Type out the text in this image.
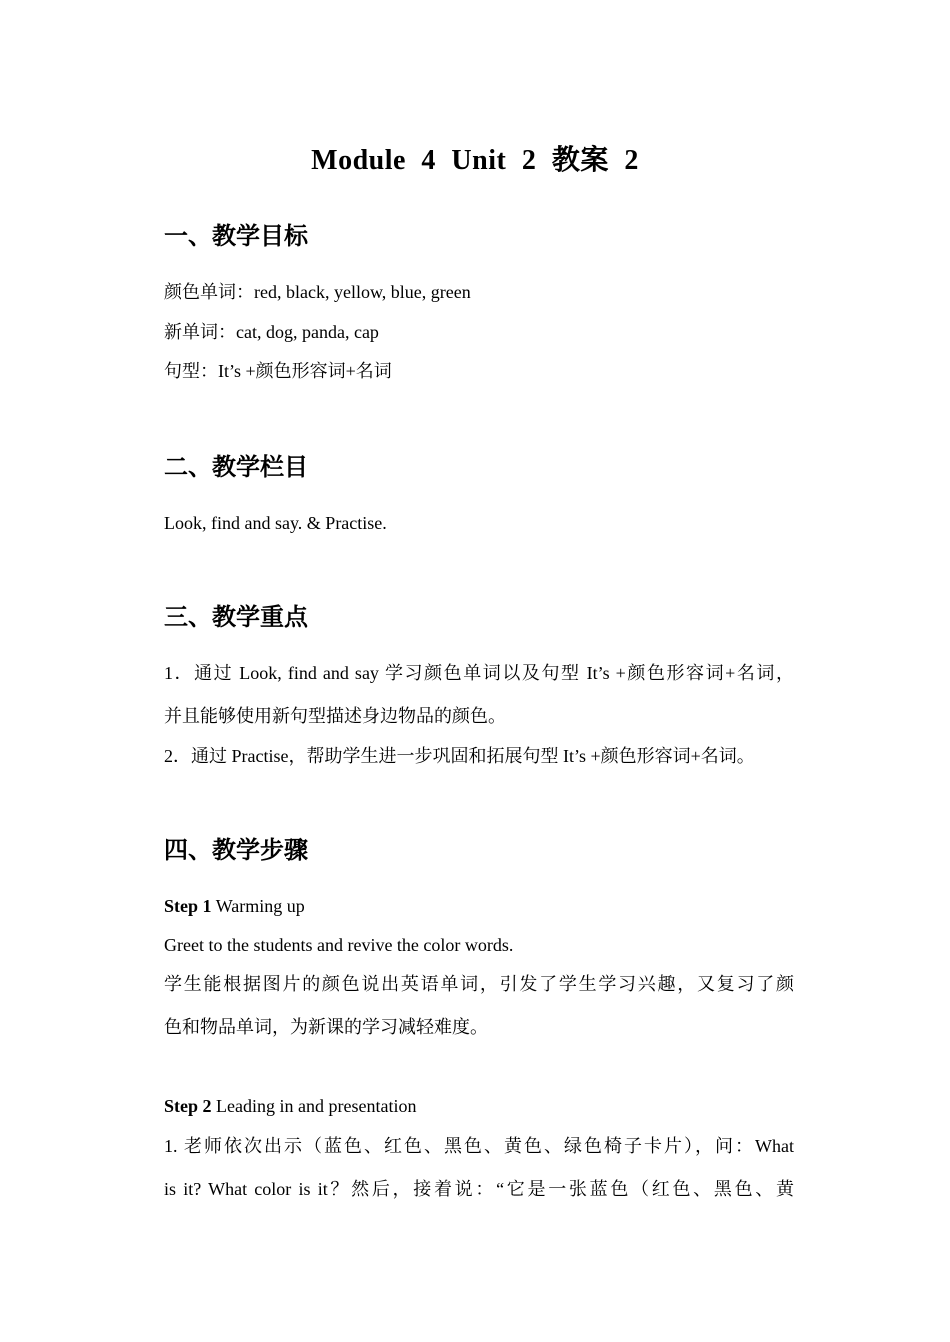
Module 4 Unit 2 教案 2
一、教学目标
颜色单词：red, black, yellow, blue, green
新单词：cat, dog, panda, cap
句型：It’s +颜色形容词+名词
二、教学栏目
Look, find and say. & Practise.
三、教学重点
1．通过 Look, find and say 学习颜色单词以及句型 It’s +颜色形容词+名词，
并且能够使用新句型描述身边物品的颜色。
2．通过 Practise，帮助学生进一步巩固和拓展句型 It’s +颜色形容词+名词。
四、教学步骤
Step 1 Warming up
Greet to the students and revive the color words.
学生能根据图片的颜色说出英语单词，引发了学生学习兴趣，又复习了颜
色和物品单词，为新课的学习减轻难度。
Step 2 Leading in and presentation
1. 老师依次出示（蓝色、红色、黑色、黄色、绿色椅子卡片），问：What
is it? What color is it？然后，接着说：“它是一张蓝色（红色、黑色、黄
